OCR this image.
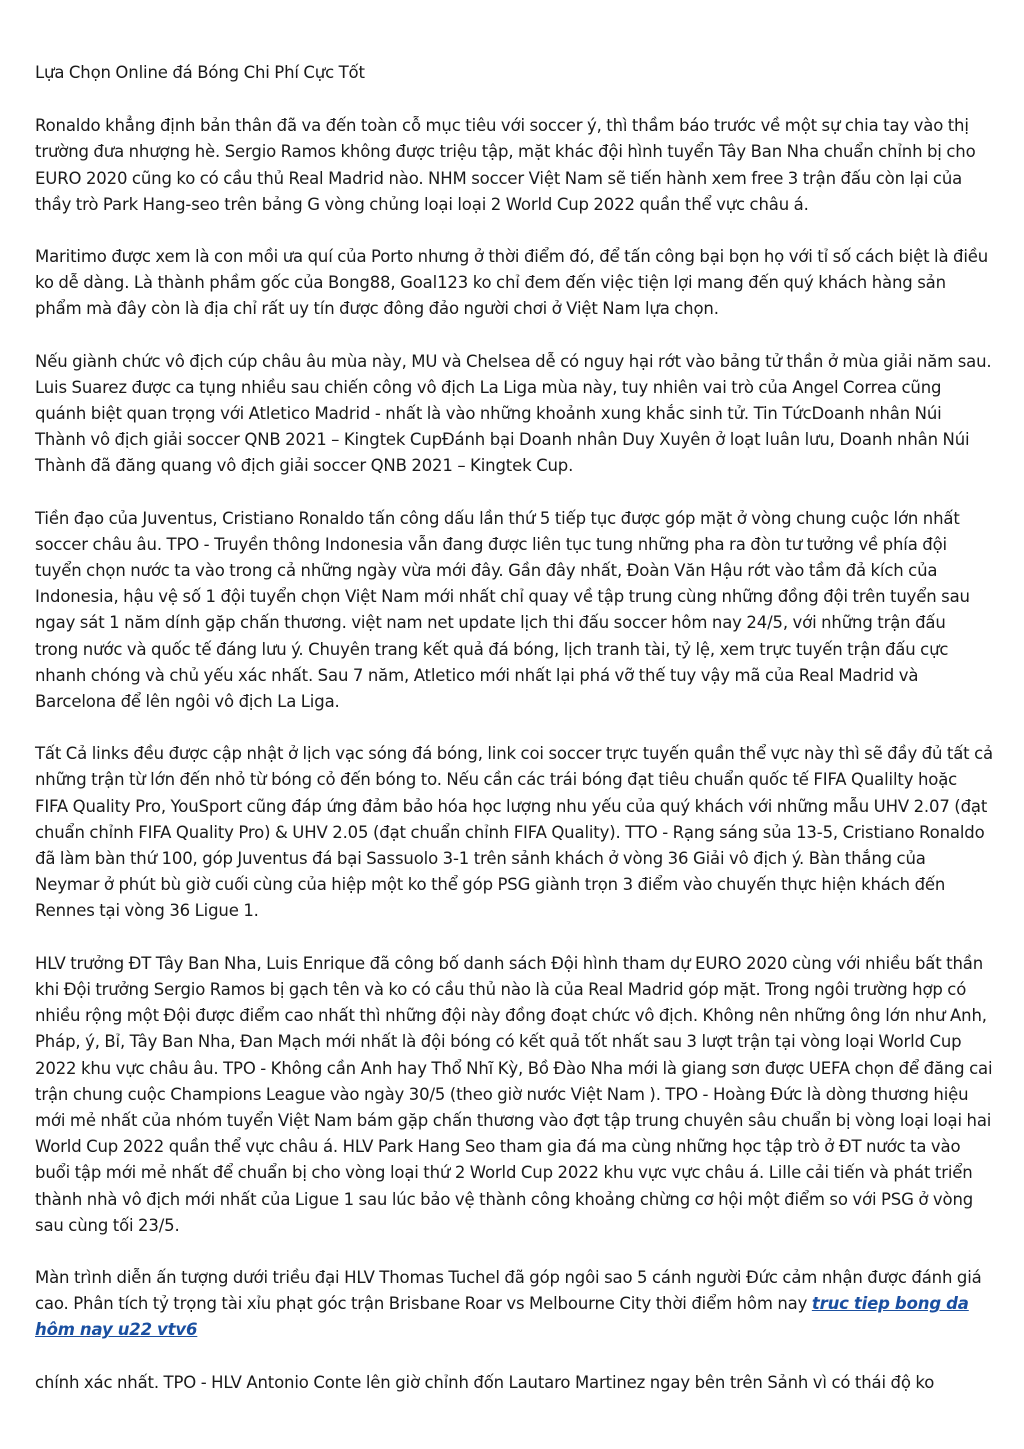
Lựa Chọn Online đá Bóng Chi Phí Cực Tốt

Ronaldo khẳng định bản thân đã va đến toàn cỗ mục tiêu với soccer ý, thì thầm báo trước về một sự chia tay vào thị trường đưa nhượng hè. Sergio Ramos không được triệu tập, mặt khác đội hình tuyển Tây Ban Nha chuẩn chỉnh bị cho EURO 2020 cũng ko có cầu thủ Real Madrid nào. NHM soccer Việt Nam sẽ tiến hành xem free 3 trận đấu còn lại của thầy trò Park Hang-seo trên bảng G vòng chủng loại loại 2 World Cup 2022 quần thể vực châu á.

Maritimo được xem là con mồi ưa quí của Porto nhưng ở thời điểm đó, để tấn công bại bọn họ với tỉ số cách biệt là điều ko dễ dàng. Là thành phầm gốc của Bong88, Goal123 ko chỉ đem đến việc tiện lợi mang đến quý khách hàng sản phẩm mà đây còn là địa chỉ rất uy tín được đông đảo người chơi ở Việt Nam lựa chọn.

Nếu giành chức vô địch cúp châu âu mùa này, MU và Chelsea dễ có nguy hại rớt vào bảng tử thần ở mùa giải năm sau. Luis Suarez được ca tụng nhiều sau chiến công vô địch La Liga mùa này, tuy nhiên vai trò của Angel Correa cũng quánh biệt quan trọng với Atletico Madrid - nhất là vào những khoảnh xung khắc sinh tử. Tin TứcDoanh nhân Núi Thành vô địch giải soccer QNB 2021 – Kingtek CupĐánh bại Doanh nhân Duy Xuyên ở loạt luân lưu, Doanh nhân Núi Thành đã đăng quang vô địch giải soccer QNB 2021 – Kingtek Cup.

Tiền đạo của Juventus, Cristiano Ronaldo tấn công dấu lần thứ 5 tiếp tục được góp mặt ở vòng chung cuộc lớn nhất soccer châu âu. TPO - Truyền thông Indonesia vẫn đang được liên tục tung những pha ra đòn tư tưởng về phía đội tuyển chọn nước ta vào trong cả những ngày vừa mới đây. Gần đây nhất, Đoàn Văn Hậu rớt vào tầm đả kích của Indonesia, hậu vệ số 1 đội tuyển chọn Việt Nam mới nhất chỉ quay về tập trung cùng những đồng đội trên tuyển sau ngay sát 1 năm dính gặp chấn thương. việt nam net update lịch thi đấu soccer hôm nay 24/5, với những trận đấu trong nước và quốc tế đáng lưu ý. Chuyên trang kết quả đá bóng, lịch tranh tài, tỷ lệ, xem trực tuyến trận đấu cực nhanh chóng và chủ yếu xác nhất. Sau 7 năm, Atletico mới nhất lại phá vỡ thế tuy vậy mã của Real Madrid và Barcelona để lên ngôi vô địch La Liga.

Tất Cả links đều được cập nhật ở lịch vạc sóng đá bóng, link coi soccer trực tuyến quần thể vực này thì sẽ đầy đủ tất cả những trận từ lớn đến nhỏ từ bóng cỏ đến bóng to. Nếu cần các trái bóng đạt tiêu chuẩn quốc tế FIFA Qualilty hoặc FIFA Quality Pro, YouSport cũng đáp ứng đảm bảo hóa học lượng nhu yếu của quý khách với những mẫu UHV 2.07 (đạt chuẩn chỉnh FIFA Quality Pro) & UHV 2.05 (đạt chuẩn chỉnh FIFA Quality). TTO - Rạng sáng sủa 13-5, Cristiano Ronaldo đã làm bàn thứ 100, góp Juventus đá bại Sassuolo 3-1 trên sảnh khách ở vòng 36 Giải vô địch ý. Bàn thắng của Neymar ở phút bù giờ cuối cùng của hiệp một ko thể góp PSG giành trọn 3 điểm vào chuyến thực hiện khách đến Rennes tại vòng 36 Ligue 1.

HLV trưởng ĐT Tây Ban Nha, Luis Enrique đã công bố danh sách Đội hình tham dự EURO 2020 cùng với nhiều bất thần khi Đội trưởng Sergio Ramos bị gạch tên và ko có cầu thủ nào là của Real Madrid góp mặt. Trong ngôi trường hợp có nhiều rộng một Đội được điểm cao nhất thì những đội này đồng đoạt chức vô địch. Không nên những ông lớn như Anh, Pháp, ý, Bỉ, Tây Ban Nha, Đan Mạch mới nhất là đội bóng có kết quả tốt nhất sau 3 lượt trận tại vòng loại World Cup 2022 khu vực châu âu. TPO - Không cần Anh hay Thổ Nhĩ Kỳ, Bồ Đào Nha mới là giang sơn được UEFA chọn để đăng cai trận chung cuộc Champions League vào ngày 30/5 (theo giờ nước Việt Nam ). TPO - Hoàng Đức là dòng thương hiệu mới mẻ nhất của nhóm tuyển Việt Nam bám gặp chấn thương vào đợt tập trung chuyên sâu chuẩn bị vòng loại loại hai World Cup 2022 quần thể vực châu á. HLV Park Hang Seo tham gia đá ma cùng những học tập trò ở ĐT nước ta vào buổi tập mới mẻ nhất để chuẩn bị cho vòng loại thứ 2 World Cup 2022 khu vực vực châu á. Lille cải tiến và phát triển thành nhà vô địch mới nhất của Ligue 1 sau lúc bảo vệ thành công khoảng chừng cơ hội một điểm so với PSG ở vòng sau cùng tối 23/5.

Màn trình diễn ấn tượng dưới triều đại HLV Thomas Tuchel đã góp ngôi sao 5 cánh người Đức cảm nhận được đánh giá cao. Phân tích tỷ trọng tài xỉu phạt góc trận Brisbane Roar vs Melbourne City thời điểm hôm nay truc tiep bong da hôm nay u22 vtv6

chính xác nhất. TPO - HLV Antonio Conte lên giờ chỉnh đốn Lautaro Martinez ngay bên trên Sảnh vì có thái độ ko
